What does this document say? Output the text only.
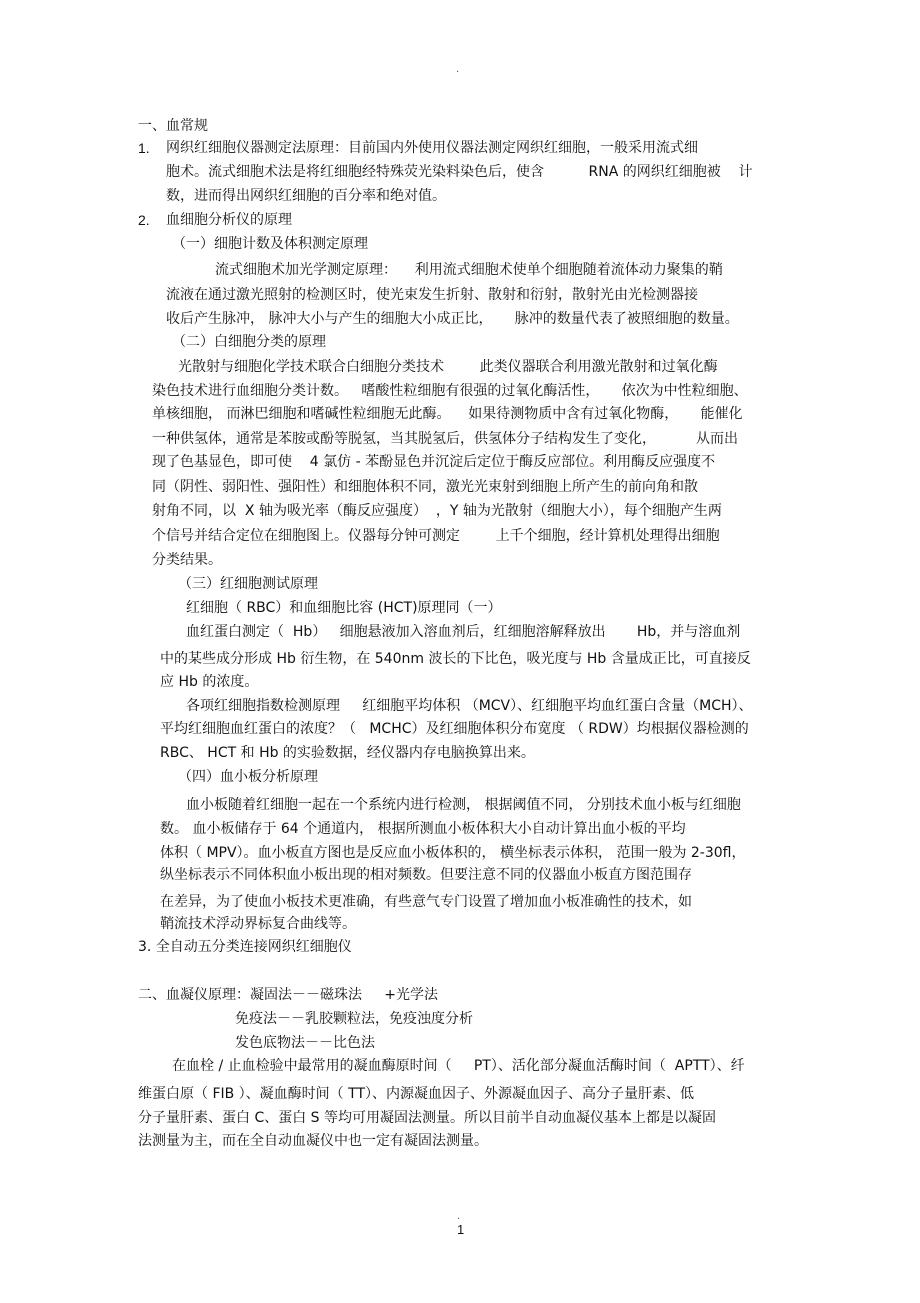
.
1.
2.
一、血常规
网织红细胞仪器测定法原理：目前国内外使用仪器法测定网织红细胞，一般采用流式细
胞术。流式细胞术法是将红细胞经特殊荧光染料染色后，使含          RNA 的网织红细胞被    计
数，进而得出网织红细胞的百分率和绝对值。
血细胞分析仪的原理
（一）细胞计数及体积测定原理
流式细胞术加光学测定原理：    利用流式细胞术使单个细胞随着流体动力聚集的鞘
流液在通过激光照射的检测区时，使光束发生折射、散射和衍射，散射光由光检测器接
收后产生脉冲， 脉冲大小与产生的细胞大小成正比，     脉冲的数量代表了被照细胞的数量。
（二）白细胞分类的原理
光散射与细胞化学技术联合白细胞分类技术        此类仪器联合利用激光散射和过氧化酶
染色技术进行血细胞分类计数。   嗜酸性粒细胞有很强的过氧化酶活性，     依次为中性粒细胞、
单核细胞， 而淋巴细胞和嗜碱性粒细胞无此酶。    如果待测物质中含有过氧化物酶，     能催化
一种供氢体，通常是苯胺或酚等脱氢，当其脱氢后，供氢体分子结构发生了变化，         从而出
现了色基显色，即可使    4 氯仿 - 苯酚显色并沉淀后定位于酶反应部位。利用酶反应强度不
同（阴性、弱阳性、强阳性）和细胞体积不同，激光光束射到细胞上所产生的前向角和散
射角不同，以  X 轴为吸光率（酶反应强度）  ，Y 轴为光散射（细胞大小），每个细胞产生两
个信号并结合定位在细胞图上。仪器每分钟可测定        上千个细胞，经计算机处理得出细胞
分类结果。
（三）红细胞测试原理
红细胞（ RBC）和血细胞比容 (HCT)原理同（一）
血红蛋白测定（  Hb）   细胞悬液加入溶血剂后，红细胞溶解释放出       Hb，并与溶血剂
中的某些成分形成 Hb 衍生物，在 540nm 波长的下比色，吸光度与 Hb 含量成正比，可直接反
应 Hb 的浓度。
各项红细胞指数检测原理     红细胞平均体积 （MCV）、红细胞平均血红蛋白含量（MCH）、
平均红细胞血红蛋白的浓度？（   MCHC）及红细胞体积分布宽度 （ RDW）均根据仪器检测的
RBC、 HCT 和 Hb 的实验数据，经仪器内存电脑换算出来。
（四）血小板分析原理
血小板随着红细胞一起在一个系统内进行检测， 根据阈值不同， 分别技术血小板与红细胞
数。 血小板储存于 64 个通道内， 根据所测血小板体积大小自动计算出血小板的平均
体积（ MPV）。血小板直方图也是反应血小板体积的， 横坐标表示体积， 范围一般为 2-30fl，
纵坐标表示不同体积血小板出现的相对频数。但要注意不同的仪器血小板直方图范围存
在差异，为了使血小板技术更准确，有些意气专门设置了增加血小板准确性的技术，如
鞘流技术浮动界标复合曲线等。
3. 全自动五分类连接网织红细胞仪
二、血凝仪原理：凝固法－－磁珠法     +光学法
免疫法－－乳胶颗粒法，免疫浊度分析
发色底物法－－比色法
在血栓 / 止血检验中最常用的凝血酶原时间（     PT）、活化部分凝血活酶时间（  APTT）、纤
维蛋白原（ FIB ）、凝血酶时间（ TT）、内源凝血因子、外源凝血因子、高分子量肝素、低
分子量肝素、蛋白 C、蛋白 S 等均可用凝固法测量。所以目前半自动血凝仪基本上都是以凝固
法测量为主，而在全自动血凝仪中也一定有凝固法测量。
.
1
